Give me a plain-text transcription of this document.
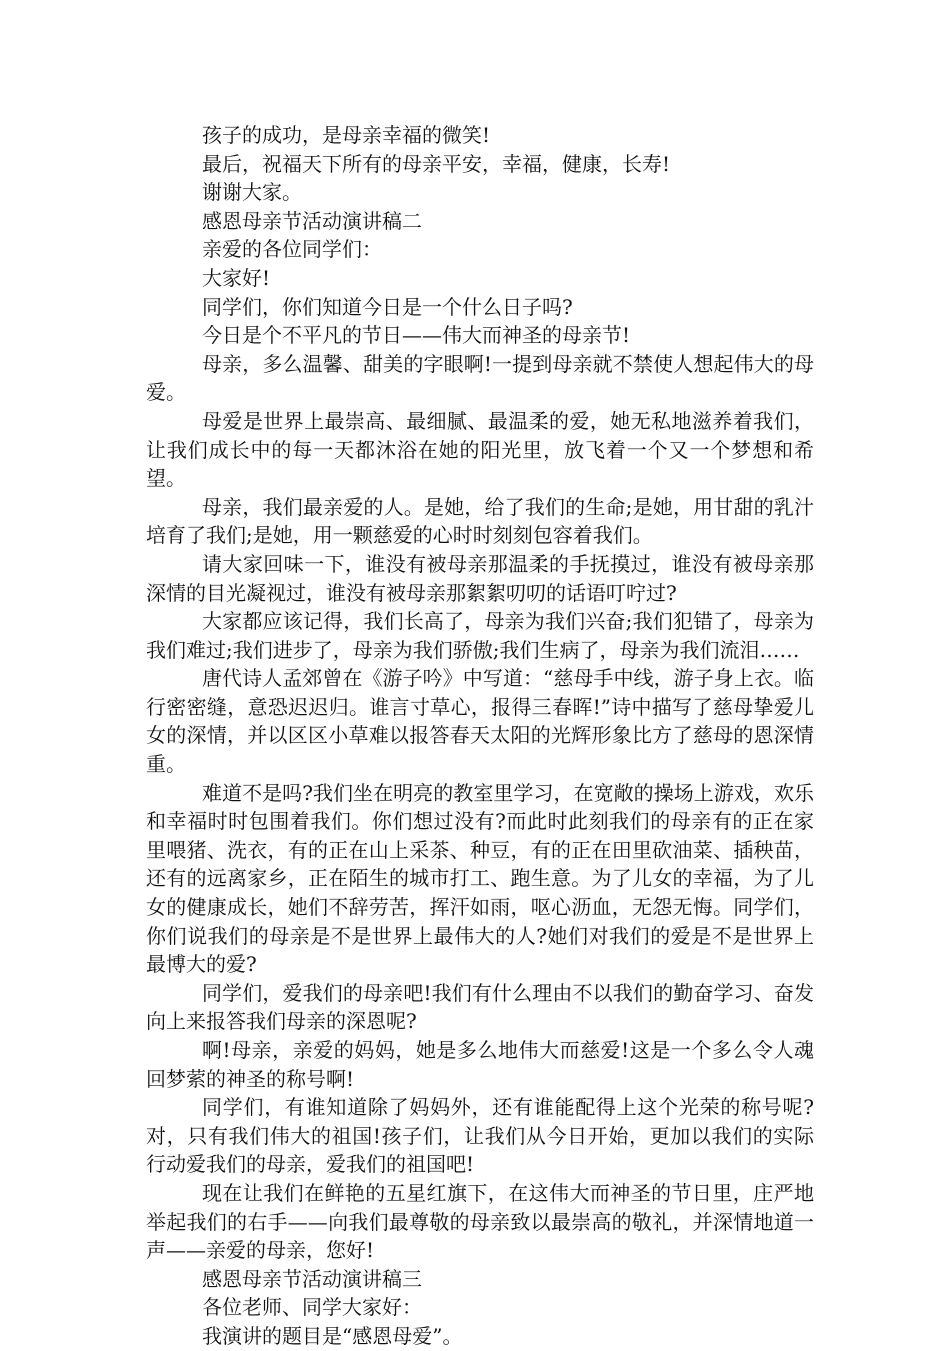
孩子的成功，是母亲幸福的微笑!

最后，祝福天下所有的母亲平安，幸福，健康，长寿!

谢谢大家。

感恩母亲节活动演讲稿二

亲爱的各位同学们：

大家好!

同学们，你们知道今日是一个什么日子吗?

今日是个不平凡的节日——伟大而神圣的母亲节!

母亲，多么温馨、甜美的字眼啊!一提到母亲就不禁使人想起伟大的母爱。

母爱是世界上最崇高、最细腻、最温柔的爱，她无私地滋养着我们，让我们成长中的每一天都沐浴在她的阳光里，放飞着一个又一个梦想和希望。

母亲，我们最亲爱的人。是她，给了我们的生命;是她，用甘甜的乳汁培育了我们;是她，用一颗慈爱的心时时刻刻包容着我们。

请大家回味一下，谁没有被母亲那温柔的手抚摸过，谁没有被母亲那深情的目光凝视过，谁没有被母亲那絮絮叨叨的话语叮咛过?

大家都应该记得，我们长高了，母亲为我们兴奋;我们犯错了，母亲为我们难过;我们进步了，母亲为我们骄傲;我们生病了，母亲为我们流泪……

唐代诗人孟郊曾在《游子吟》中写道：“慈母手中线，游子身上衣。临行密密缝，意恐迟迟归。谁言寸草心，报得三春晖!”诗中描写了慈母挚爱儿女的深情，并以区区小草难以报答春天太阳的光辉形象比方了慈母的恩深情重。

难道不是吗?我们坐在明亮的教室里学习，在宽敞的操场上游戏，欢乐和幸福时时包围着我们。你们想过没有?而此时此刻我们的母亲有的正在家里喂猪、洗衣，有的正在山上采茶、种豆，有的正在田里砍油菜、插秧苗，还有的远离家乡，正在陌生的城市打工、跑生意。为了儿女的幸福，为了儿女的健康成长，她们不辞劳苦，挥汗如雨，呕心沥血，无怨无悔。同学们，你们说我们的母亲是不是世界上最伟大的人?她们对我们的爱是不是世界上最博大的爱?

同学们，爱我们的母亲吧!我们有什么理由不以我们的勤奋学习、奋发向上来报答我们母亲的深恩呢?

啊!母亲，亲爱的妈妈，她是多么地伟大而慈爱!这是一个多么令人魂回梦萦的神圣的称号啊!

同学们，有谁知道除了妈妈外，还有谁能配得上这个光荣的称号呢?对，只有我们伟大的祖国!孩子们，让我们从今日开始，更加以我们的实际行动爱我们的母亲，爱我们的祖国吧!

现在让我们在鲜艳的五星红旗下，在这伟大而神圣的节日里，庄严地举起我们的右手——向我们最尊敬的母亲致以最崇高的敬礼，并深情地道一声——亲爱的母亲，您好!

感恩母亲节活动演讲稿三

各位老师、同学大家好：

我演讲的题目是“感恩母爱”。
